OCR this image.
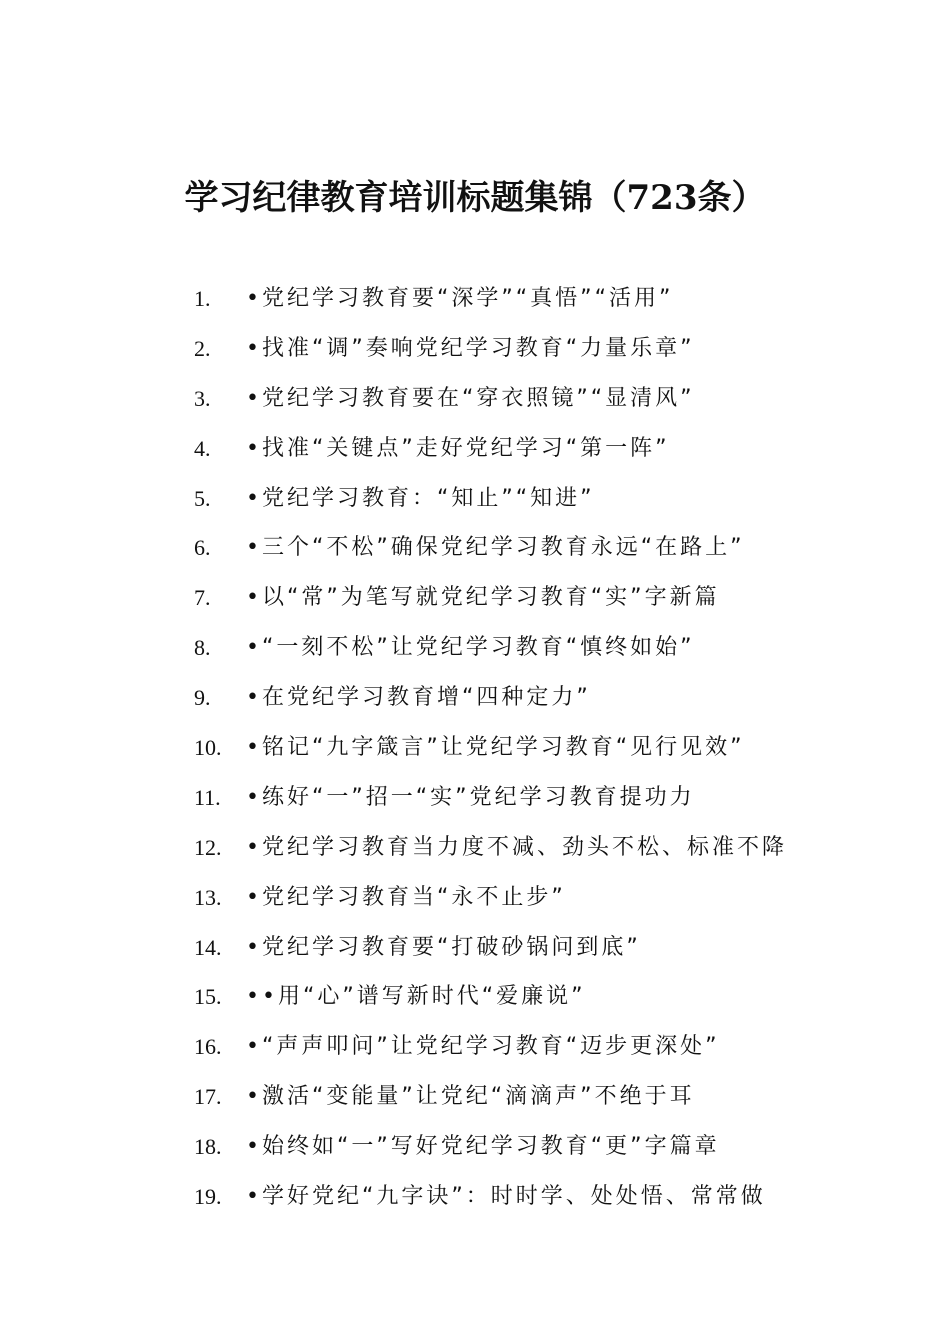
学习纪律教育培训标题集锦（723条）
1.	•党纪学习教育要“深学”“真悟”“活用”
2.	•找准“调”奏响党纪学习教育“力量乐章”
3.	•党纪学习教育要在“穿衣照镜”“显清风”
4.	•找准“关键点”走好党纪学习“第一阵”
5.	•党纪学习教育：“知止”“知进”
6.	•三个“不松”确保党纪学习教育永远“在路上”
7.	•以“常”为笔写就党纪学习教育“实”字新篇
8.	•“一刻不松”让党纪学习教育“慎终如始”
9.	•在党纪学习教育增“四种定力”
10.	•铭记“九字箴言”让党纪学习教育“见行见效”
11.	•练好“一”招一“实”党纪学习教育提功力
12.	•党纪学习教育当力度不减、劲头不松、标准不降
13.	•党纪学习教育当“永不止步”
14.	•党纪学习教育要“打破砂锅问到底”
15.	••用“心”谱写新时代“爱廉说”
16.	•“声声叩问”让党纪学习教育“迈步更深处”
17.	•激活“变能量”让党纪“滴滴声”不绝于耳
18.	•始终如“一”写好党纪学习教育“更”字篇章
19.	•学好党纪“九字诀”：时时学、处处悟、常常做
